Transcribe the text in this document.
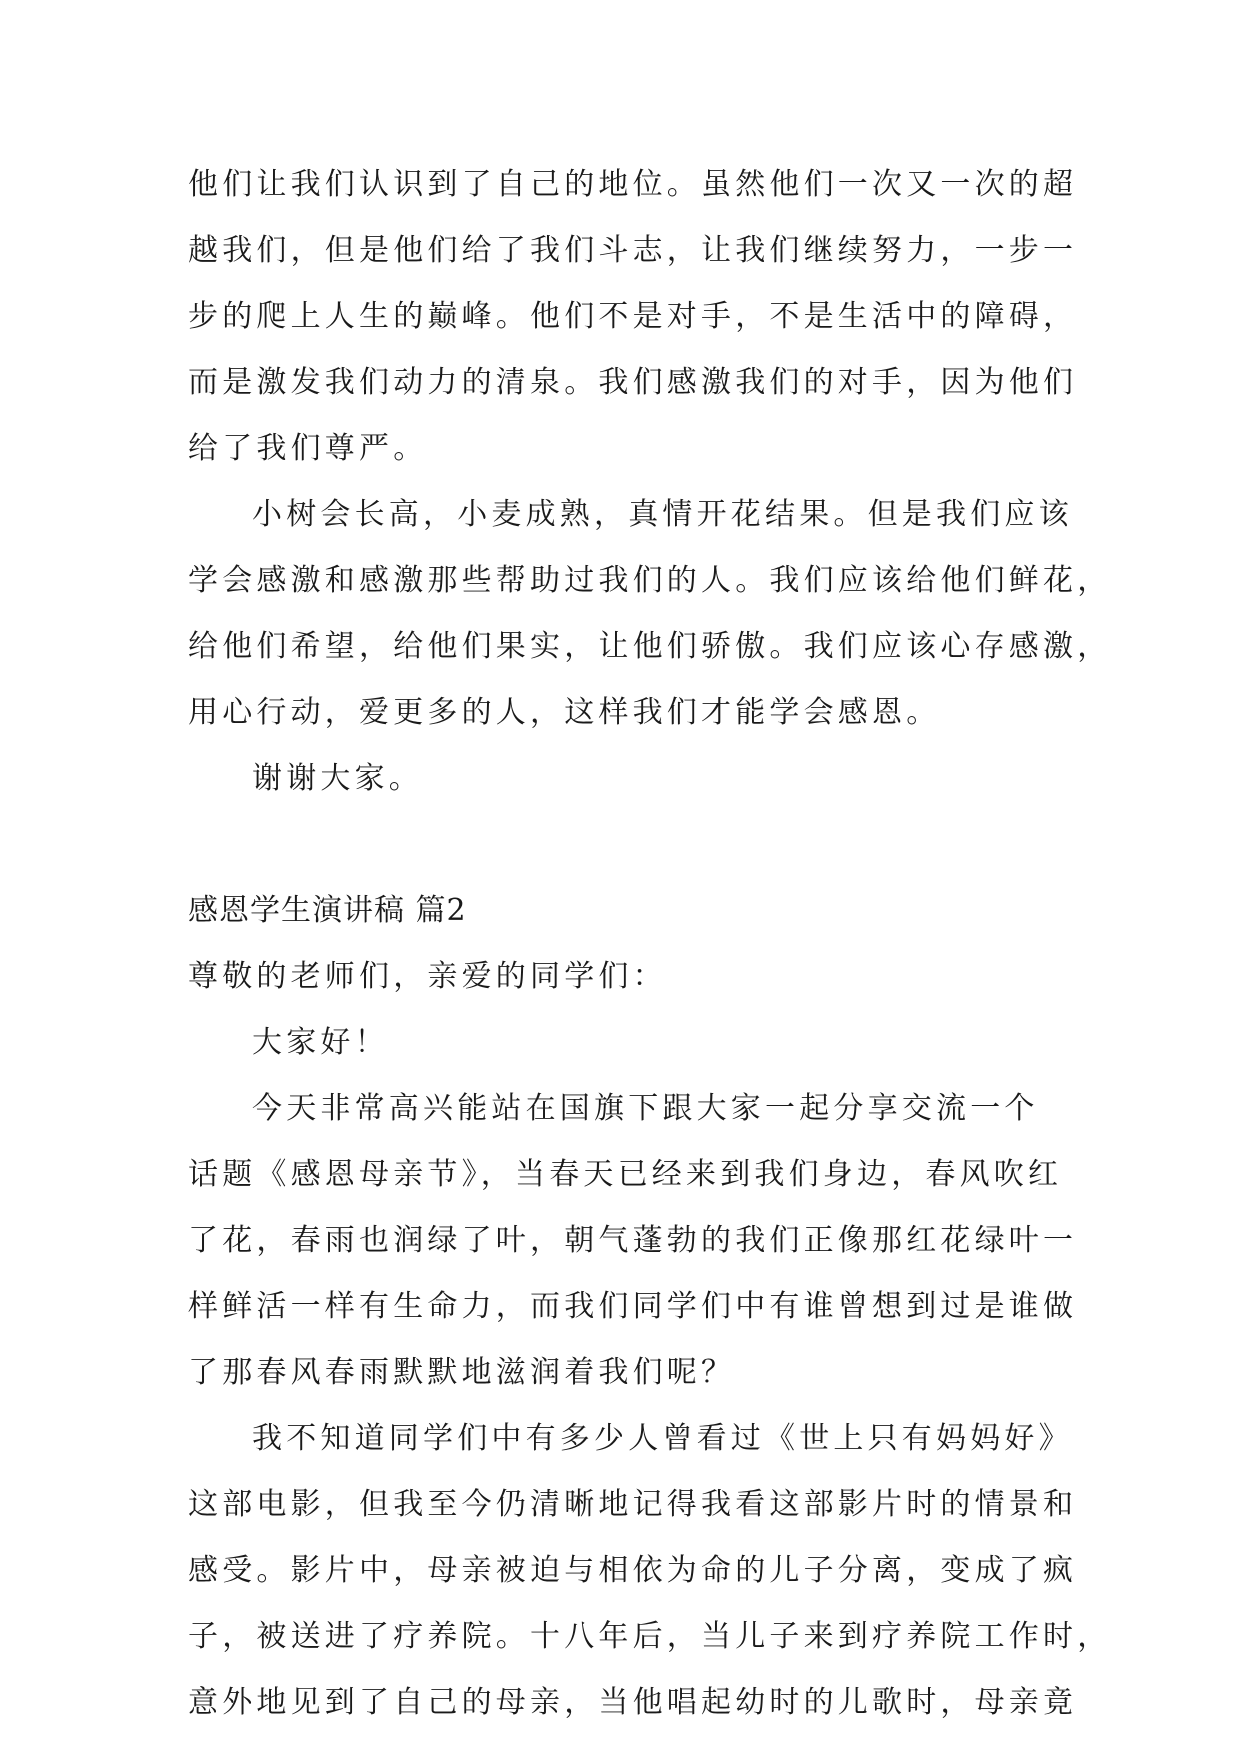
他们让我们认识到了自己的地位。虽然他们一次又一次的超
越我们，但是他们给了我们斗志，让我们继续努力，一步一
步的爬上人生的巅峰。他们不是对手，不是生活中的障碍，
而是激发我们动力的清泉。我们感激我们的对手，因为他们
给了我们尊严。
小树会长高，小麦成熟，真情开花结果。但是我们应该
学会感激和感激那些帮助过我们的人。我们应该给他们鲜花，
给他们希望，给他们果实，让他们骄傲。我们应该心存感激，
用心行动，爱更多的人，这样我们才能学会感恩。
谢谢大家。
感恩学生演讲稿 篇2
尊敬的老师们，亲爱的同学们：
大家好！
今天非常高兴能站在国旗下跟大家一起分享交流一个
话题《感恩母亲节》，当春天已经来到我们身边，春风吹红
了花，春雨也润绿了叶，朝气蓬勃的我们正像那红花绿叶一
样鲜活一样有生命力，而我们同学们中有谁曾想到过是谁做
了那春风春雨默默地滋润着我们呢？
我不知道同学们中有多少人曾看过《世上只有妈妈好》
这部电影，但我至今仍清晰地记得我看这部影片时的情景和
感受。影片中，母亲被迫与相依为命的儿子分离，变成了疯
子，被送进了疗养院。十八年后，当儿子来到疗养院工作时，
意外地见到了自己的母亲，当他唱起幼时的儿歌时，母亲竟
